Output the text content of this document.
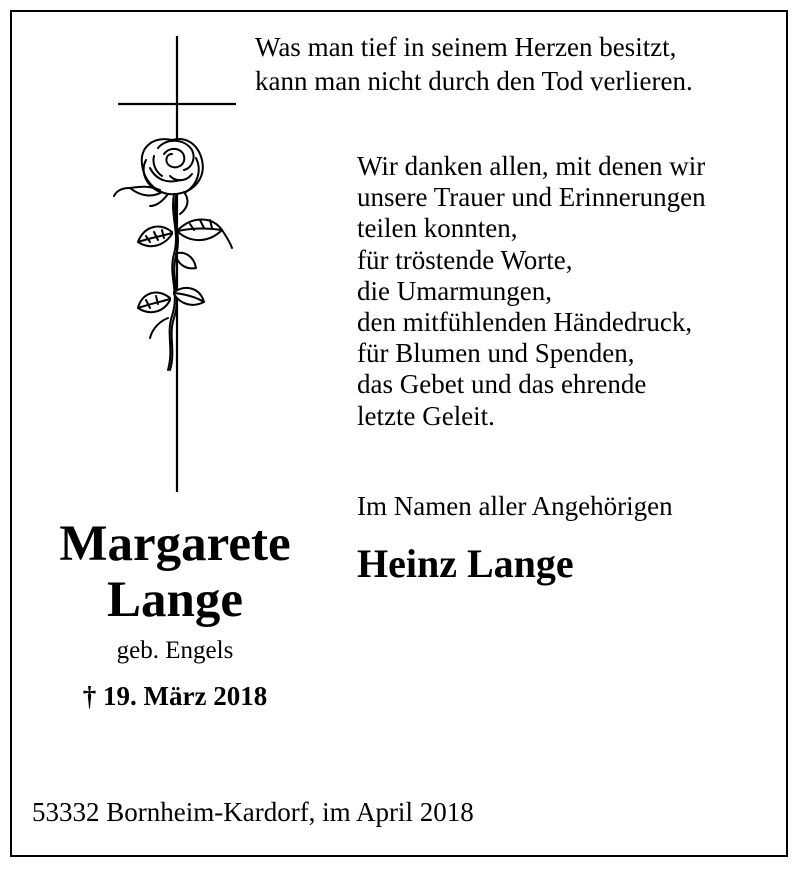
Was man tief in seinem Herzen besitzt,
kann man nicht durch den Tod verlieren.
Wir danken allen, mit denen wir
unsere Trauer und Erinnerungen
teilen konnten,
für tröstende Worte,
die Umarmungen,
den mitfühlenden Händedruck,
für Blumen und Spenden,
das Gebet und das ehrende
letzte Geleit.
Im Namen aller Angehörigen
Heinz Lange
Margarete
Lange
geb. Engels
† 19. März 2018
53332 Bornheim-Kardorf, im April 2018
